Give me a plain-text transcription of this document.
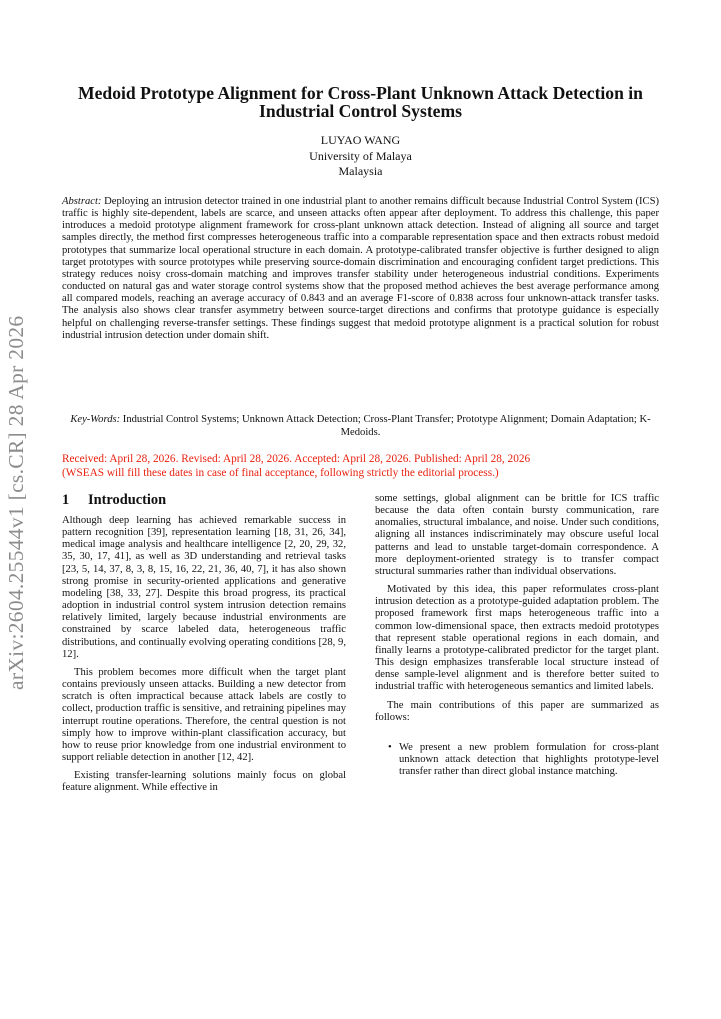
arXiv:2604.25544v1 [cs.CR] 28 Apr 2026
Medoid Prototype Alignment for Cross-Plant Unknown Attack Detection in Industrial Control Systems
LUYAO WANG
University of Malaya
Malaysia
Abstract: Deploying an intrusion detector trained in one industrial plant to another remains difficult because Industrial Control System (ICS) traffic is highly site-dependent, labels are scarce, and unseen attacks often appear after deployment. To address this challenge, this paper introduces a medoid prototype alignment framework for cross-plant unknown attack detection. Instead of aligning all source and target samples directly, the method first compresses heterogeneous traffic into a comparable representation space and then extracts robust medoid prototypes that summarize local operational structure in each domain. A prototype-calibrated transfer objective is further designed to align target prototypes with source prototypes while preserving source-domain discrimination and encouraging confident target predictions. This strategy reduces noisy cross-domain matching and improves transfer stability under heterogeneous industrial conditions. Experiments conducted on natural gas and water storage control systems show that the proposed method achieves the best average performance among all compared models, reaching an average accuracy of 0.843 and an average F1-score of 0.838 across four unknown-attack transfer tasks. The analysis also shows clear transfer asymmetry between source-target directions and confirms that prototype guidance is especially helpful on challenging reverse-transfer settings. These findings suggest that medoid prototype alignment is a practical solution for robust industrial intrusion detection under domain shift.
Key-Words: Industrial Control Systems; Unknown Attack Detection; Cross-Plant Transfer; Prototype Alignment; Domain Adaptation; K-Medoids.
Received: April 28, 2026. Revised: April 28, 2026. Accepted: April 28, 2026. Published: April 28, 2026
(WSEAS will fill these dates in case of final acceptance, following strictly the editorial process.)
1 Introduction

Although deep learning has achieved remarkable success in pattern recognition [39], representation learning [18, 31, 26, 34], medical image analysis and healthcare intelligence [2, 20, 29, 32, 35, 30, 17, 41], as well as 3D understanding and retrieval tasks [23, 5, 14, 37, 8, 3, 8, 15, 16, 22, 21, 36, 40, 7], it has also shown strong promise in security-oriented applications and generative modeling [38, 33, 27]. Despite this broad progress, its practical adoption in industrial control system intrusion detection remains relatively limited, largely because industrial environments are constrained by scarce labeled data, heterogeneous traffic distributions, and continually evolving operating conditions [28, 9, 12].

This problem becomes more difficult when the target plant contains previously unseen attacks. Building a new detector from scratch is often impractical because attack labels are costly to collect, production traffic is sensitive, and retraining pipelines may interrupt routine operations. Therefore, the central question is not simply how to improve within-plant classification accuracy, but how to reuse prior knowledge from one industrial environment to support reliable detection in another [12, 42].

Existing transfer-learning solutions mainly focus on global feature alignment. While effective in

some settings, global alignment can be brittle for ICS traffic because the data often contain bursty communication, rare anomalies, structural imbalance, and noise. Under such conditions, aligning all instances indiscriminately may obscure useful local patterns and lead to unstable target-domain correspondence. A more deployment-oriented strategy is to transfer compact structural summaries rather than individual observations.

Motivated by this idea, this paper reformulates cross-plant intrusion detection as a prototype-guided adaptation problem. The proposed framework first maps heterogeneous traffic into a common low-dimensional space, then extracts medoid prototypes that represent stable operational regions in each domain, and finally learns a prototype-calibrated predictor for the target plant. This design emphasizes transferable local structure instead of dense sample-level alignment and is therefore better suited to industrial traffic with heterogeneous semantics and limited labels.

The main contributions of this paper are summarized as follows:

• We present a new problem formulation for cross-plant unknown attack detection that highlights prototype-level transfer rather than direct global instance matching.
